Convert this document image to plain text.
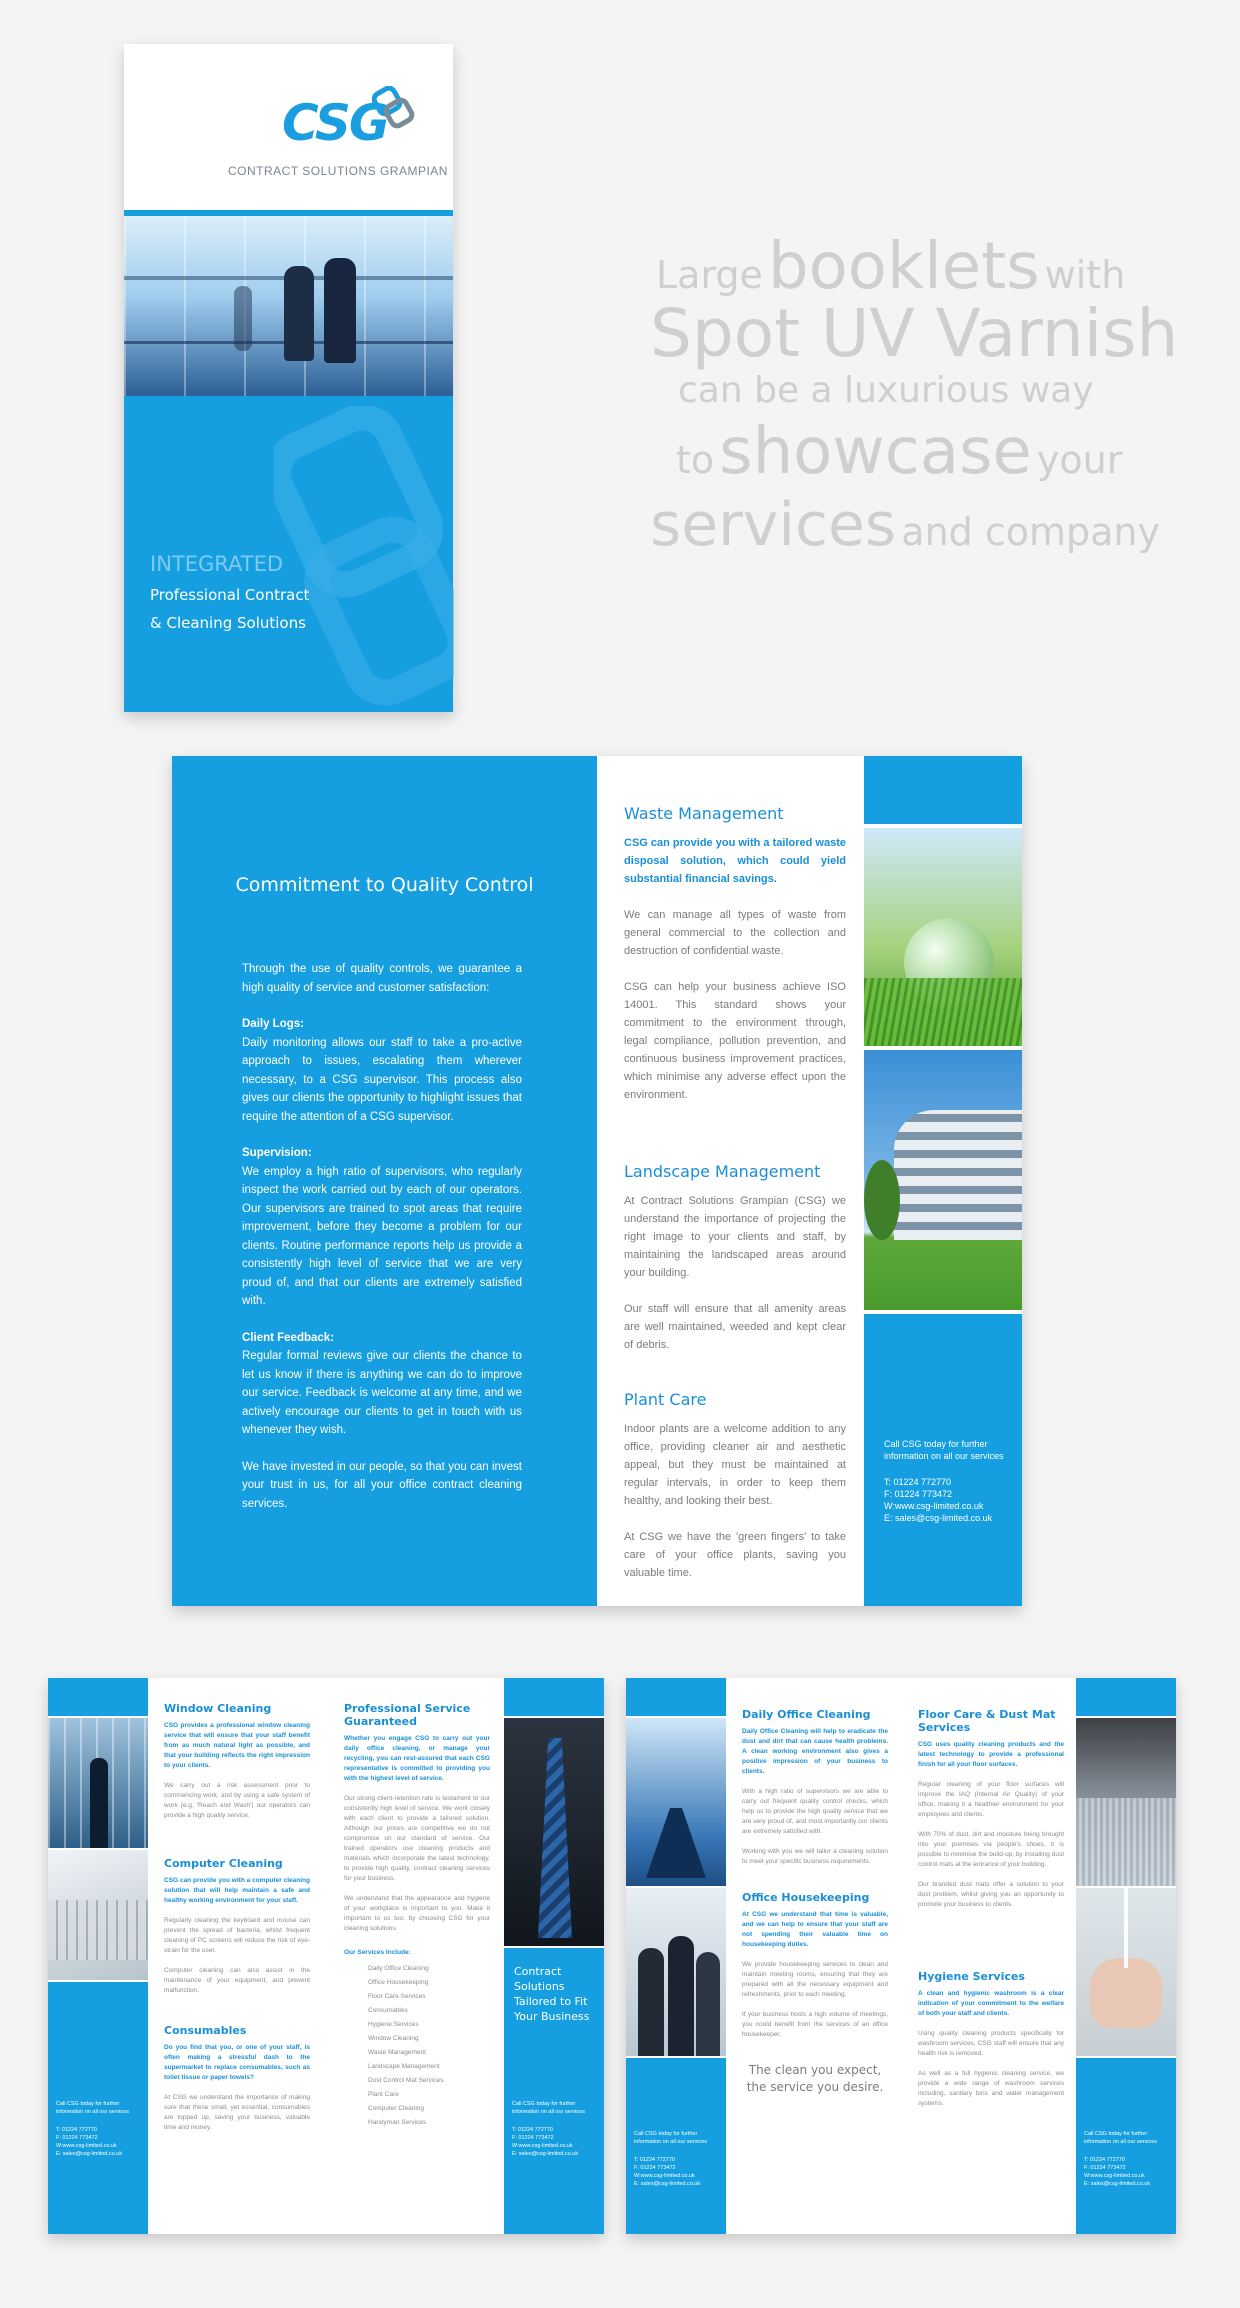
CSG
CONTRACT SOLUTIONS GRAMPIAN
INTEGRATED
Professional Contract
& Cleaning Solutions
Large booklets with
Spot UV Varnish
can be a luxurious way
to showcase your
services and company
Commitment to Quality Control

Through the use of quality controls, we guarantee a high quality of service and customer satisfaction:

Daily Logs:

Daily monitoring allows our staff to take a pro-active approach to issues, escalating them wherever necessary, to a CSG supervisor. This process also gives our clients the opportunity to highlight issues that require the attention of a CSG supervisor.

Supervision:

We employ a high ratio of supervisors, who regularly inspect the work carried out by each of our operators. Our supervisors are trained to spot areas that require improvement, before they become a problem for our clients. Routine performance reports help us provide a consistently high level of service that we are very proud of, and that our clients are extremely satisfied with.

Client Feedback:

Regular formal reviews give our clients the chance to let us know if there is anything we can do to improve our service. Feedback is welcome at any time, and we actively encourage our clients to get in touch with us whenever they wish.

We have invested in our people, so that you can invest your trust in us, for all your office contract cleaning services.

Waste Management

CSG can provide you with a tailored waste disposal solution, which could yield substantial financial savings.

We can manage all types of waste from general commercial to the collection and destruction of confidential waste.

CSG can help your business achieve ISO 14001. This standard shows your commitment to the environment through, legal compliance, pollution prevention, and continuous business improvement practices, which minimise any adverse effect upon the environment.

Landscape Management

At Contract Solutions Grampian (CSG) we understand the importance of projecting the right image to your clients and staff, by maintaining the landscaped areas around your building.

Our staff will ensure that all amenity areas are well maintained, weeded and kept clear of debris.

Plant Care

Indoor plants are a welcome addition to any office, providing cleaner air and aesthetic appeal, but they must be maintained at regular intervals, in order to keep them healthy, and looking their best.

At CSG we have the 'green fingers' to take care of your office plants, saving you valuable time.

Call CSG today for further
information on all our services
T: 01224 772770
F: 01224 773472
W:www.csg-limited.co.uk
E: sales@csg-limited.co.uk
Call CSG today for further
information on all our services
T: 01224 772770
F: 01224 773472
W:www.csg-limited.co.uk
E: sales@csg-limited.co.uk
Window Cleaning

CSG provides a professional window cleaning service that will ensure that your staff benefit from as much natural light as possible, and that your building reflects the right impression to your clients.

We carry out a risk assessment prior to commencing work, and by using a safe system of work (e.g. 'Reach and Wash') our operators can provide a high quality service.

Computer Cleaning

CSG can provide you with a computer cleaning solution that will help maintain a safe and healthy working environment for your staff.

Regularly cleaning the keyboard and mouse can prevent the spread of bacteria, whilst frequent cleaning of PC screens will reduce the risk of eye-strain for the user.

Computer cleaning can also assist in the maintenance of your equipment, and prevent malfunction.

Consumables

Do you find that you, or one of your staff, is often making a stressful dash to the supermarket to replace consumables, such as toilet tissue or paper towels?

At CSG we understand the importance of making sure that these small, yet essential, consumables are topped up, saving your business, valuable time and money.

Professional Service Guaranteed

Whether you engage CSG to carry out your daily office cleaning, or manage your recycling, you can rest-assured that each CSG representative is committed to providing you with the highest level of service.

Our strong client-retention rate is testament to our consistently high level of service. We work closely with each client to provide a tailored solution. Although our prices are competitive we do not compromise on our standard of service. Our trained operators use cleaning products and materials which incorporate the latest technology, to provide high quality, contract cleaning services for your business.

We understand that the appearance and hygiene of your workplace is important to you. Make it important to us too, by choosing CSG for your cleaning solutions.

Our Services Include:
Daily Office Cleaning
Office Housekeeping
Floor Care Services
Consumables
Hygiene Services
Window Cleaning
Waste Management
Landscape Management
Dust Control Mat Services
Plant Care
Computer Cleaning
Handyman Services
Contract Solutions
Tailored to Fit
Your Business
Call CSG today for further
information on all our services
T: 01224 772770
F: 01224 773472
W:www.csg-limited.co.uk
E: sales@csg-limited.co.uk
Call CSG today for further
information on all our services
T: 01224 772770
F: 01224 773472
W:www.csg-limited.co.uk
E: sales@csg-limited.co.uk
Daily Office Cleaning

Daily Office Cleaning will help to eradicate the dust and dirt that can cause health problems. A clean working environment also gives a positive impression of your business to clients.

With a high ratio of supervisors we are able to carry out frequent quality control checks, which help us to provide the high quality service that we are very proud of, and most importantly our clients are extremely satisfied with.

Working with you we will tailor a cleaning solution to meet your specific business requirements.

Office Housekeeping

At CSG we understand that time is valuable, and we can help to ensure that your staff are not spending their valuable time on housekeeping duties.

We provide housekeeping services to clean and maintain meeting rooms, ensuring that they are prepared with all the necessary equipment and refreshments, prior to each meeting.

If your business hosts a high volume of meetings, you could benefit from the services of an office housekeeper.

The clean you expect,
the service you desire.
Floor Care & Dust Mat Services

CSG uses quality cleaning products and the latest technology to provide a professional finish for all your floor surfaces.

Regular cleaning of your floor surfaces will improve the IAQ (Internal Air Quality) of your office, making it a healthier environment for your employees and clients.

With 70% of dust, dirt and moisture being brought into your premises via people's shoes, it is possible to minimise the build-up, by installing dust control mats at the entrance of your building.

Our branded dust mats offer a solution to your dust problem, whilst giving you an opportunity to promote your business to clients.

Hygiene Services

A clean and hygienic washroom is a clear indication of your commitment to the welfare of both your staff and clients.

Using quality cleaning products specifically for washroom services, CSG staff will ensure that any health risk is removed.

As well as a full hygienic cleaning service, we provide a wide range of washroom services including, sanitary bins and water management systems.

Call CSG today for further
information on all our services
T: 01224 772770
F: 01224 773472
W:www.csg-limited.co.uk
E: sales@csg-limited.co.uk
